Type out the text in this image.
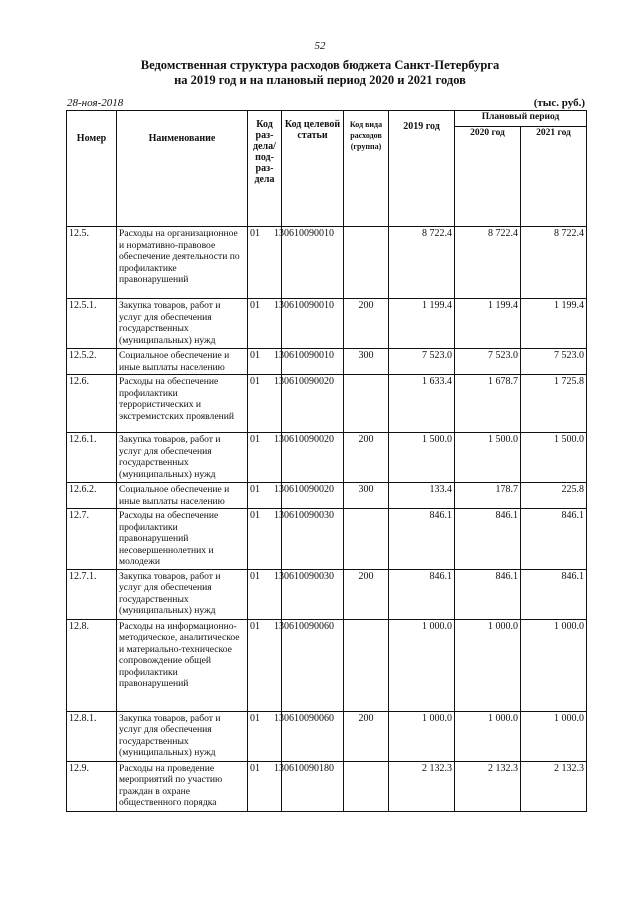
52
Ведомственная структура расходов бюджета Санкт-Петербурга
на 2019 год и на плановый период 2020 и 2021 годов
28-ноя-2018	(тыс. руб.)
Номер	Наименование	Код раз- дела/ под- раз- дела	Код целевой статьи	Код вида расходов (группа)	2019 год	Плановый период	
						2020 год	2021 год
12.5.	Расходы на организационное и нормативно-правовое обеспечение деятельности по профилактике правонарушений	01 13	0610090010		8 722.4	8 722.4	8 722.4
12.5.1.	Закупка товаров, работ и услуг для обеспечения государственных (муниципальных) нужд	01 13	0610090010	200	1 199.4	1 199.4	1 199.4
12.5.2.	Социальное обеспечение и иные выплаты населению	01 13	0610090010	300	7 523.0	7 523.0	7 523.0
12.6.	Расходы на обеспечение профилактики террористических и экстремистских проявлений	01 13	0610090020		1 633.4	1 678.7	1 725.8
12.6.1.	Закупка товаров, работ и услуг для обеспечения государственных (муниципальных) нужд	01 13	0610090020	200	1 500.0	1 500.0	1 500.0
12.6.2.	Социальное обеспечение и иные выплаты населению	01 13	0610090020	300	133.4	178.7	225.8
12.7.	Расходы на обеспечение профилактики правонарушений несовершеннолетних и молодежи	01 13	0610090030		846.1	846.1	846.1
12.7.1.	Закупка товаров, работ и услуг для обеспечения государственных (муниципальных) нужд	01 13	0610090030	200	846.1	846.1	846.1
12.8.	Расходы на информационно-методическое, аналитическое и материально-техническое сопровождение общей профилактики правонарушений	01 13	0610090060		1 000.0	1 000.0	1 000.0
12.8.1.	Закупка товаров, работ и услуг для обеспечения государственных (муниципальных) нужд	01 13	0610090060	200	1 000.0	1 000.0	1 000.0
12.9.	Расходы на проведение мероприятий по участию граждан в охране общественного порядка	01 13	0610090180		2 132.3	2 132.3	2 132.3
